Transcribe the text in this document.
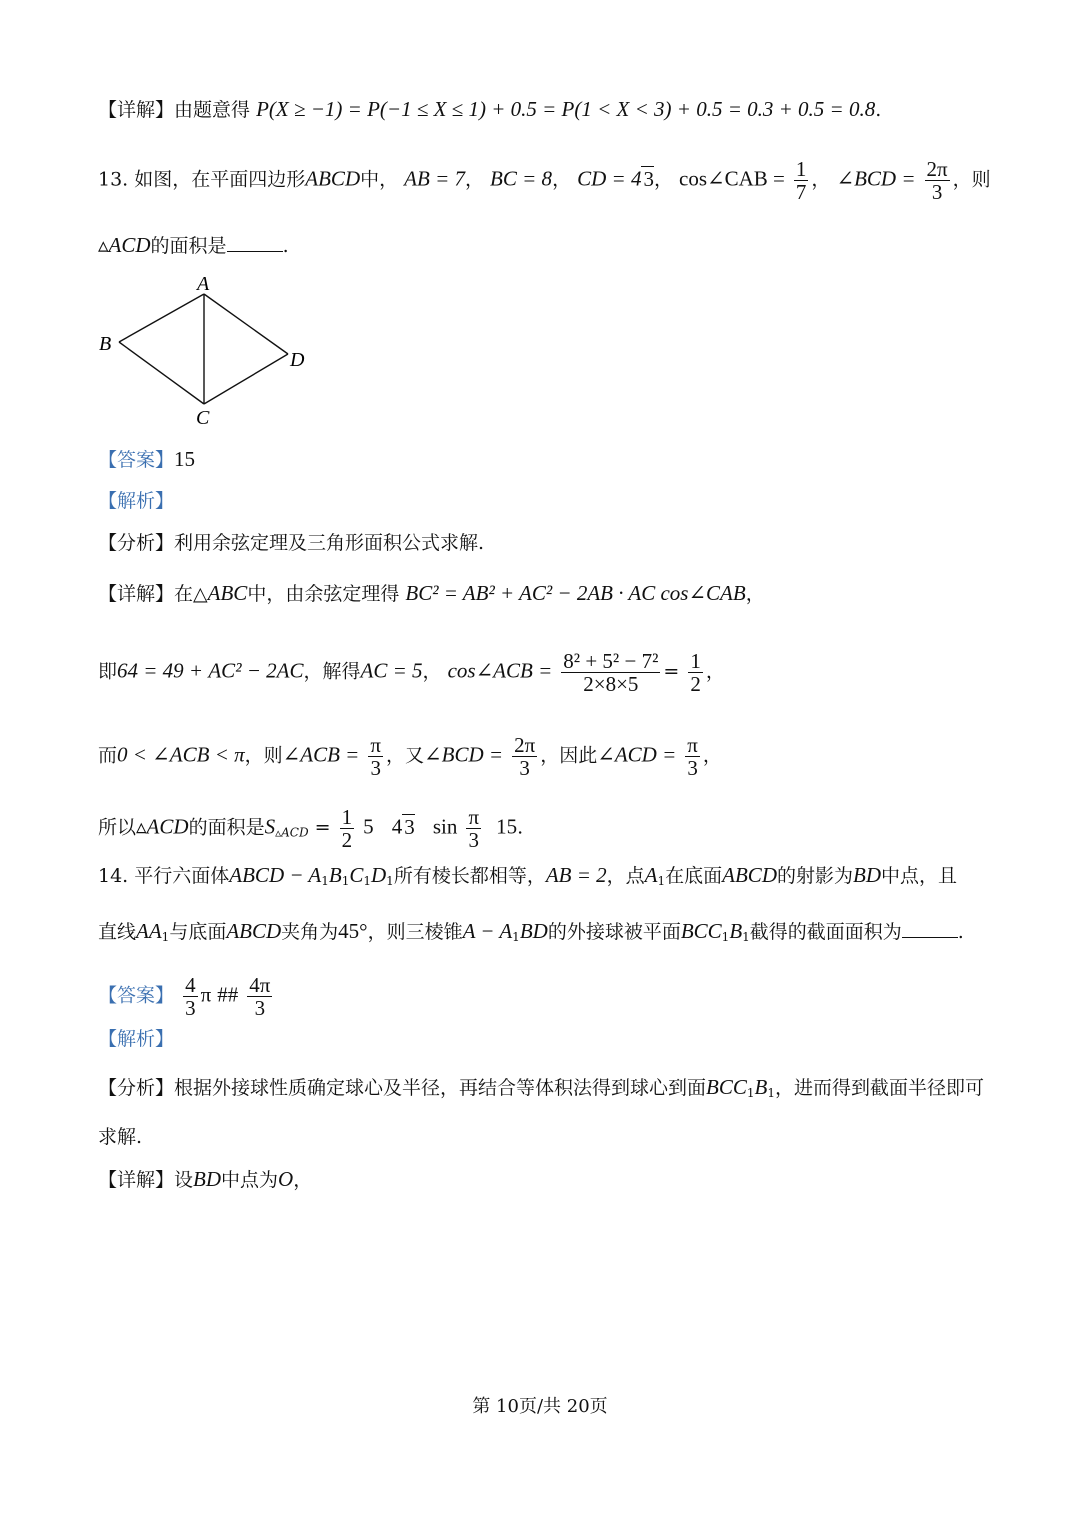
【详解】由题意得 P(X ≥ −1) = P(−1 ≤ X ≤ 1) + 0.5 = P(1 < X < 3) + 0.5 = 0.3 + 0.5 = 0.8.
13. 如图，在平面四边形ABCD中， AB = 7， BC = 8， CD = 43， cos∠CAB = $\frac{1}{7}$ ， ∠BCD = $\frac{2\pi}{3}$ ，则
▵ACD的面积是	.
A
B
C
D
【答案】15
【解析】
【分析】利用余弦定理及三角形面积公式求解.
【详解】在△ABC中，由余弦定理得 BC² = AB² + AC² − 2AB · AC cos∠CAB，
即64 = 49 + AC² − 2AC，解得AC = 5， cos∠ACB = $\frac{\text{8² + 5² − 7²}}{2\times 8\times 5} = \frac{1}{2}$ ，
而0 < ∠ACB < π，则∠ACB = $\frac{\pi}{3}$ ，又∠BCD = $\frac{2\pi}{3}$ ，因此∠ACD = $\frac{\pi}{3}$ ，
所以▵ACD的面积是$S_{▵ACD} = \frac{1}{2} 5$ 43 $\sin \frac{\pi}{3} 15$.
14. 平行六面体ABCD − $A_1B_1C_1D_1$所有棱长都相等，AB = 2，点$A_1$在底面ABCD的射影为BD中点，且
直线$AA_1$与底面ABCD夹角为45°，则三棱锥$A - A_1BD$的外接球被平面$BCC_1B_1$截得的截面面积为	.
【答案】 $\frac{4}{3}$ π ## $\frac{4\pi}{3}$
【解析】
【分析】根据外接球性质确定球心及半径，再结合等体积法得到球心到面$BCC_1B_1$，进而得到截面半径即可
求解.
【详解】设BD中点为O，
第 10页/共 20页
